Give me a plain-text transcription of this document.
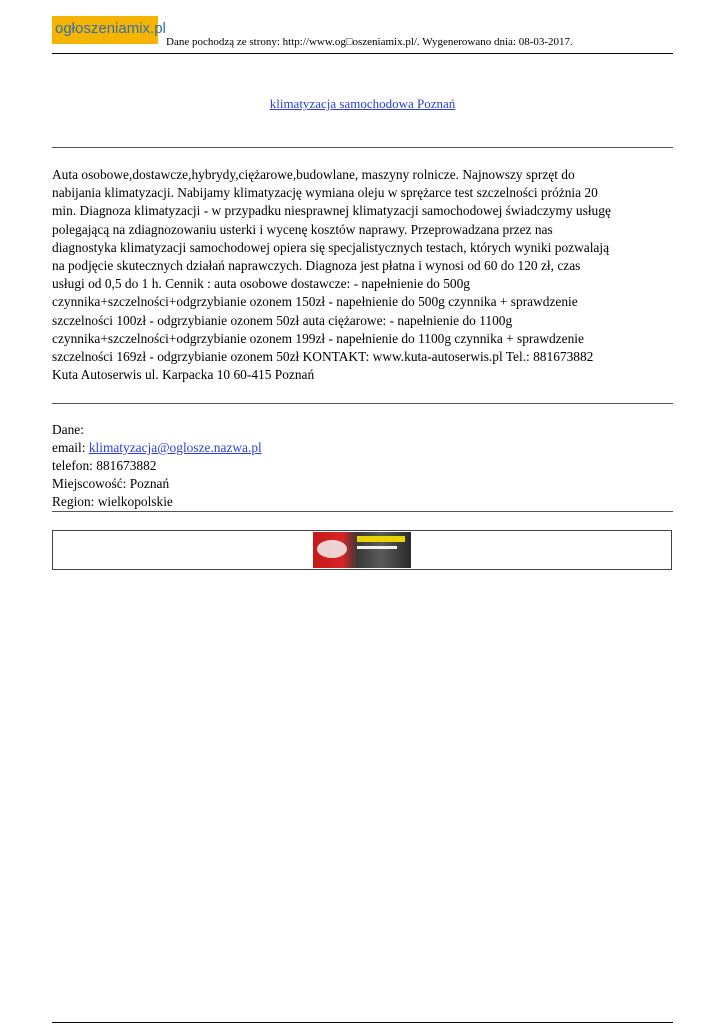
ogłoszeniamix.pl
Dane pochodzą ze strony: http://www.og□oszeniamix.pl/. Wygenerowano dnia: 08-03-2017.
klimatyzacja samochodowa Poznań
Auta osobowe,dostawcze,hybrydy,ciężarowe,budowlane, maszyny rolnicze. Najnowszy sprzęt do
nabijania klimatyzacji. Nabijamy klimatyzację wymiana oleju w sprężarce test szczelności próżnia 20
min. Diagnoza klimatyzacji - w przypadku niesprawnej klimatyzacji samochodowej świadczymy usługę
polegającą na zdiagnozowaniu usterki i wycenę kosztów naprawy. Przeprowadzana przez nas
diagnostyka klimatyzacji samochodowej opiera się specjalistycznych testach, których wyniki pozwalają
na podjęcie skutecznych działań naprawczych. Diagnoza jest płatna i wynosi od 60 do 120 zł, czas
usługi od 0,5 do 1 h. Cennik : auta osobowe dostawcze: - napełnienie do 500g
czynnika+szczelności+odgrzybianie ozonem 150zł - napełnienie do 500g czynnika + sprawdzenie
szczelności 100zł - odgrzybianie ozonem 50zł auta ciężarowe: - napełnienie do 1100g
czynnika+szczelności+odgrzybianie ozonem 199zł - napełnienie do 1100g czynnika + sprawdzenie
szczelności 169zł - odgrzybianie ozonem 50zł KONTAKT: www.kuta-autoserwis.pl Tel.: 881673882
Kuta Autoserwis ul. Karpacka 10 60-415 Poznań
Dane:
email: klimatyzacja@oglosze.nazwa.pl
telefon: 881673882
Miejscowość: Poznań
Region: wielkopolskie
